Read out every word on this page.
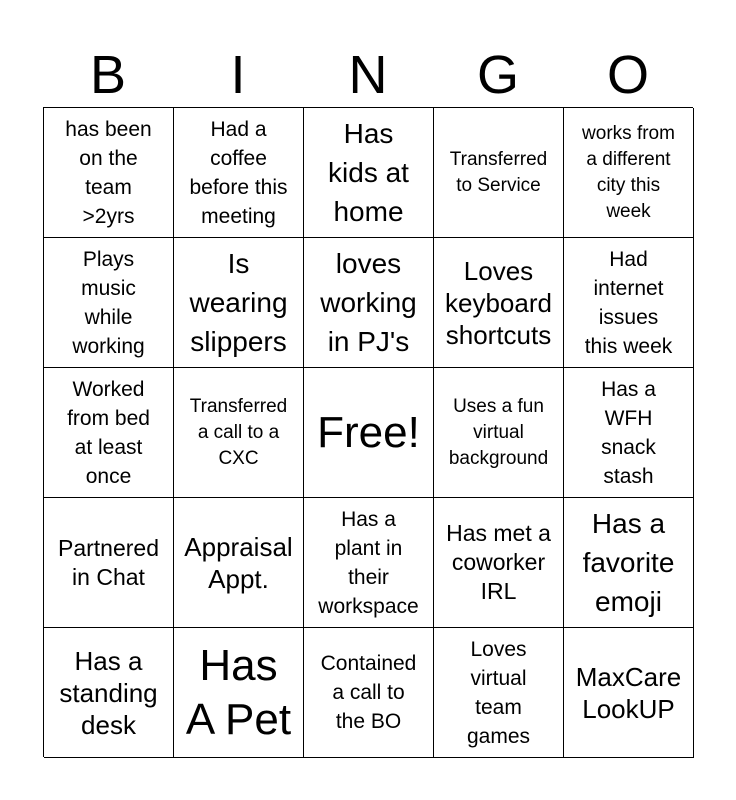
B	I	N	G	O
has been
on the
team
>2yrs
Had a
coffee
before this
meeting
Has
kids at
home
Transferred
to Service
works from
a different
city this
week
Plays
music
while
working
Is
wearing
slippers
loves
working
in PJ's
Loves
keyboard
shortcuts
Had
internet
issues
this week
Worked
from bed
at least
once
Transferred
a call to a
CXC
Free!
Uses a fun
virtual
background
Has a
WFH
snack
stash
Partnered
in Chat
Appraisal
Appt.
Has a
plant in
their
workspace
Has met a
coworker
IRL
Has a
favorite
emoji
Has a
standing
desk
Has
A Pet
Contained
a call to
the BO
Loves
virtual
team
games
MaxCare
LookUP
